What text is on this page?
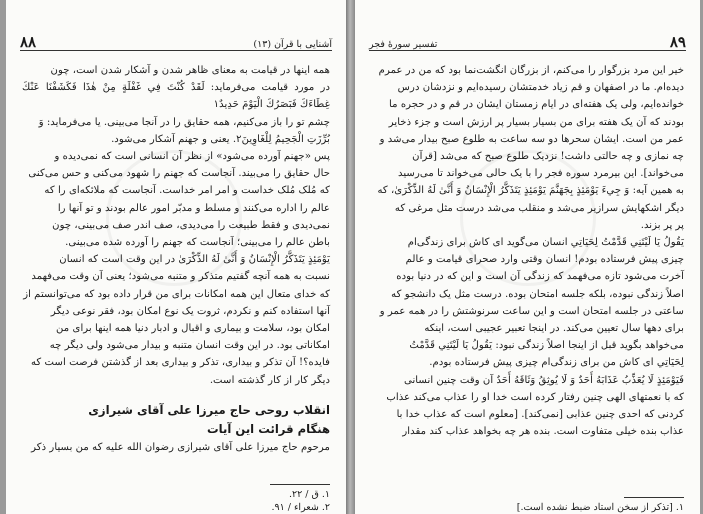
آشنایی با قرآن (١٣)
٨٨

همه اینها در قیامت به معنای ظاهر شدن و آشکار شدن است، چون

در مورد قیامت می‌فرماید: لَقَدْ كُنْتَ فِي غَفْلَةٍ مِنْ هٰذَا فَكَشَفْنَا عَنْكَ غِطَاءَكَ فَبَصَرُكَ الْيَوْمَ حَدِيدٌ١

چشم تو را باز می‌کنیم، همه حقایق را در آنجا می‌بینی. یا می‌فرماید: وَ

بُرِّزَتِ الْجَحِيمُ لِلْغَاوِينَ٢. یعنی و جهنم آشکار می‌شود.

پس «جهنم آورده می‌شود» از نظر آن انسانی است که نمی‌دیده و

حال حقایق را می‌بیند. آنجاست که جهنم را شهود می‌کنی و حس می‌کنی

که مُلک مُلک خداست و امر امر خداست. آنجاست که ملائکه‌ای را که

عالم را اداره می‌کنند و مسلط و مدبّر امور عالم بودند و تو آنها را

نمی‌دیدی و فقط طبیعت را می‌دیدی، صف اندر صف می‌بینی، چون

باطن عالم را می‌بینی؛ آنجاست که جهنم را آورده شده می‌بینی.

يَوْمَئِذٍ يَتَذَكَّرُ الْإِنْسَانُ وَ أَنَّىٰ لَهُ الذِّكْرَىٰ در این وقت است که انسان

نسبت به همه آنچه گفتیم متذکر و متنبه می‌شود؛ یعنی آن وقت می‌فهمد

که خدای متعال این همه امکانات برای من قرار داده بود که می‌توانستم از

آنها استفاده کنم و نکردم، ثروت یک نوع امکان بود، فقر نوعی دیگر

امکان بود، سلامت و بیماری و اقبال و ادبار دنیا همه اینها برای من

امکاناتی بود. در این وقت انسان متنبه و بیدار می‌شود ولی دیگر چه

فایده؟! آن تذکر و بیداری، تذکر و بیداری بعد از گذشتن فرصت است که

دیگر کار از کار گذشته است.

انقلاب روحی حاج میرزا علی آقای شیرازی
هنگام قرائت این آیات

مرحوم حاج میرزا علی آقای شیرازی رضوان الله علیه که من بسیار ذکر

١. ق / ٢٢.
٢. شعراء / ٩١.
٨٩
تفسیر سورهٔ فجر

خیر این مرد بزرگوار را می‌کنم، از بزرگان انگشت‌نما بود که من در عمرم

دیده‌ام. ما در اصفهان و قم زیاد خدمتشان رسیده‌ایم و نزدشان درس

خوانده‌ایم، ولی یک هفته‌ای در ایام زمستان ایشان در قم و در حجره ما

بودند که آن یک هفته برای من بسیار بسیار پر ارزش است و جزء ذخایر

عمر من است. ایشان سحرها دو سه ساعت به طلوع صبح بیدار می‌شد و

چه نمازی و چه حالتی داشت! نزدیک طلوع صبح که می‌شد [قرآن

می‌خواند]. این بیرمرد سوره فجر را با یک حالی می‌خواند تا می‌رسید

به همین آیه: وَ جِيءَ يَوْمَئِذٍ بِجَهَنَّمَ يَوْمَئِذٍ يَتَذَكَّرُ الْإِنْسَانُ وَ أَنَّىٰ لَهُ الذِّكْرَىٰ، که

دیگر اشکهایش سرازیر می‌شد و منقلب می‌شد درست مثل مرغی که

پر پر بزند.

يَقُولُ يَا لَيْتَنِي قَدَّمْتُ لِحَيَاتِي انسان می‌گوید ای کاش برای زندگی‌ام

چیزی پیش فرستاده بودم! انسان وقتی وارد صحرای قیامت و عالم

آخرت می‌شود تازه می‌فهمد که زندگی آن است و این که در دنیا بوده

اصلاً زندگی نبوده، بلکه جلسه امتحان بوده. درست مثل یک دانشجو که

ساعتی در جلسه امتحان است و این ساعت سرنوشتش را در همه عمر و

برای دهها سال تعیین می‌کند. در اینجا تعبیر عجیبی است، اینکه

می‌خواهد بگوید قبل از اینجا اصلاً زندگی نبود: يَقُولُ يَا لَيْتَنِي قَدَّمْتُ

لِحَيَاتِي ای کاش من برای زندگی‌ام چیزی پیش فرستاده بودم.

فَيَوْمَئِذٍ لَا يُعَذِّبُ عَذَابَهُ أَحَدٌ وَ لَا يُوثِقُ وَثَاقَهُ أَحَدٌ آن وقت چنین انسانی

که با نعمتهای الهی چنین رفتار کرده است خدا او را عذاب می‌کند عذاب

کردنی که احدی چنین عذابی [نمی‌کند]. [معلوم است که عذاب خدا با

عذاب بنده خیلی متفاوت است. بنده هر چه بخواهد عذاب کند مقدار

١. [تذکر از سخن استاد ضبط نشده است.]
